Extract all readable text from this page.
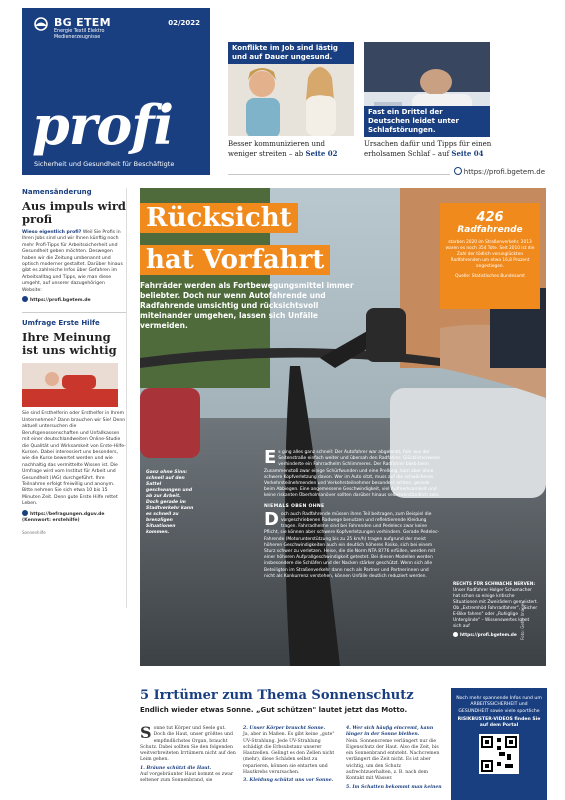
BG ETEM
Energie Textil Elektro Medienerzeugnisse
02/2022
profi
Sicherheit und Gesundheit für Beschäftigte
Konflikte im Job sind lästig und auf Dauer ungesund.
Besser kommunizieren und weniger streiten – ab Seite 02
Fast ein Drittel der Deutschen leidet unter Schlafstörungen.
Ursachen dafür und Tipps für einen erholsamen Schlaf – auf Seite 04
https://profi.bgetem.de
Namensänderung
Aus impuls wird profi
Wieso eigentlich profi? Weil Sie Profis in Ihren Jobs sind und wir Ihnen künftig noch mehr Profi-Tipps für Arbeitssicherheit und Gesundheit geben möchten. Deswegen haben wir die Zeitung umbenannt und optisch moderner gestaltet. Darüber hinaus gibt es zahlreiche Infos über Gefahren im Arbeitsalltag und Tipps, wie man diese umgeht, auf unserer dazugehörigen Website:
https://profi.bgetem.de
Umfrage Erste Hilfe
Ihre Meinung ist uns wichtig
Sie sind Ersthelferin oder Ersthelfer in Ihrem Unternehmen? Dann brauchen wir Sie! Denn aktuell untersuchen die Berufsgenossenschaften und Unfallkassen mit einer deutschlandweiten Online-Studie die Qualität und Wirksamkeit von Erste-Hilfe-Kursen. Dabei interessiert uns besonders, wie die Kurse bewertet werden und wie nachhaltig das vermittelte Wissen ist. Die Umfrage wird vom Institut für Arbeit und Gesundheit (IAG) durchgeführt. Ihre Teilnahme erfolgt freiwillig und anonym. Bitte nehmen Sie sich etwa 10 bis 15 Minuten Zeit. Denn gute Erste Hilfe rettet Leben.
https://befragungen.dguv.de
(Kennwort: erstehilfe)
Sonnenhilfe
Rücksicht
hat Vorfahrt
Fahrräder werden als Fortbewegungsmittel immer beliebter. Doch nur wenn Autofahrende und Radfahrende umsichtig und rücksichtsvoll miteinander umgehen, lassen sich Unfälle vermeiden.
426
Radfahrende
starben 2020 im Straßenverkehr. 2013 waren es noch 354 Tote. Seit 2010 ist die Zahl der tödlich verunglückten Radfahrenden um etwa 16,8 Prozent angestiegen.
Quelle: Statistisches Bundesamt
Ganz ohne Sinn: schnell auf den Sattel geschwungen und ab zur Arbeit. Doch gerade im Stadtverkehr kann es schnell zu brenzligen Situationen kommen.

Es ging alles ganz schnell: Der Autofahrer war abgelenkt, fuhr aus der Seitenstraße einfach weiter und übersah den Radfahrer. Glücklicherweise verhinderte ein Fahrradhelm Schlimmeres. Der Radfahrer blieb beim Zusammenstoß zwar einige Schürfwunden und eine Prellung, kam aber ohne schwere Kopfverletzung davon. Wer im Auto sitzt, muss auf die schwächeren Verkehrsteilnehmenden und Verkehrsteilnehmer besonders achten, gerade beim Abbiegen. Eine angemessene Geschwindigkeit, viel Aufmerksamkeit und keine riskanten Überholmanöver sollten darüber hinaus selbstverständlich sein.

NIEMALS OBEN OHNE

Doch auch Radfahrende müssen ihren Teil beitragen, zum Beispiel die vorgeschriebenen Radwege benutzen und reflektierende Kleidung tragen. Fahrradhelme sind bei Fahrenden und Pedelecs zwar keine Pflicht, sie können aber schwere Kopfverletzungen verhindern. Gerade Pedelec-Fahrende (Motorunterstützung bis zu 25 km/h) tragen aufgrund der meist höheren Geschwindigkeiten auch ein deutlich höheres Risiko, sich bei einem Sturz schwer zu verletzen. Heise, die die Norm NTA 8776 erfüllen, werden mit einer höheren Aufprallgeschwindigkeit getestet. Bei diesen Modellen werden insbesondere die Schläfen und der Nacken stärker geschützt. Wenn sich alle Beteiligten im Straßenverkehr dann noch als Partner und Partnerinnen und nicht als Konkurrenz verstehen, können Unfälle deutlich reduziert werden.

RECHTS FÜR SCHWACHE NERVEN: Unser Radfahrer Holger Schumacher hat schon so einige kritische Situationen mit Zweirädern gemeistert. Ob „Extremhöd Fahrradfahrer", „Sicher E-Bike fahren" oder „Ruhiglige Unterglinde" – Wissenswertes lohnt sich auf
https://profi.bgetem.de Foto: Getty Images
5 Irrtümer zum Thema Sonnenschutz
Endlich wieder etwas Sonne. „Gut schützen" lautet jetzt das Motto.
Sonne tut Körper und Seele gut. Doch die Haut, unser größtes und empfindlichstes Organ, braucht Schutz. Dabei sollten Sie den folgenden weitverbreiteten Irrtümern nicht auf den Leim gehen.
1. Bräune schützt die Haut.
Auf vorgebräunter Haut kommt es zwar seltener zum Sonnenbrand, sie
2. Unser Körper braucht Sonne.
Ja, aber in Maßen. Es gibt keine „gute" UV-Strahlung. Jede UV-Strahlung schädigt die Erbsubstanz unserer Hautzellen. Gelingt es den Zellen nicht (mehr), diese Schäden selbst zu reparieren, können sie entarten und Hautkrebs verursachen.
3. Kleidung schützt uns vor Sonne.
4. Wer sich häufig eincremt, kann länger in der Sonne bleiben.
Nein. Sonnencreme verlängert nur die Eigenschutz der Haut. Also die Zeit, bis ein Sonnenbrand entsteht. Nachcremen verlängert die Zeit nicht. Es ist aber wichtig, um den Schutz aufrechtzuerhalten, z. B. nach dem Kontakt mit Wasser.
5. Im Schatten bekommt man keinen
Noch mehr spannende Infos rund um ARBEITSSICHERHEIT und GESUNDHEIT sowie viele sportliche
RISIKBUSTER-VIDEOS finden Sie auf dem Portal
